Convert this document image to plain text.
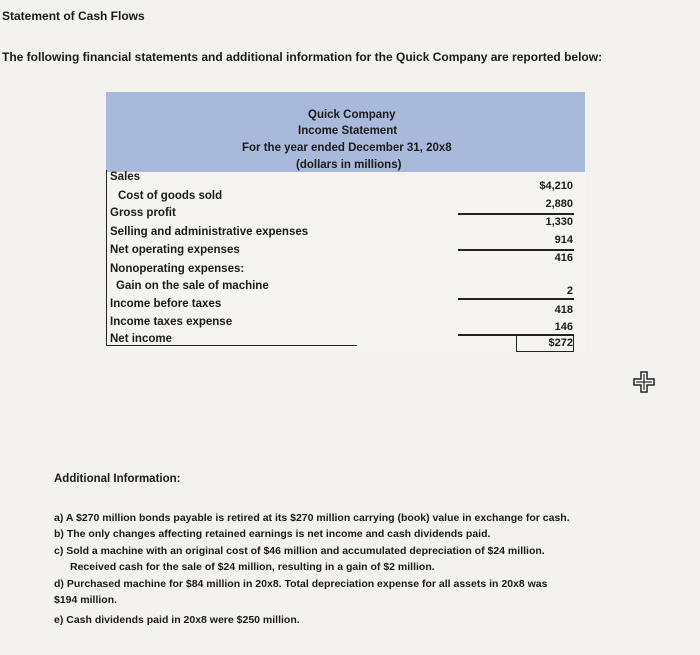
Statement of Cash Flows
The following financial statements and additional information for the Quick Company are reported below:
Quick Company
Income Statement
For the year ended December 31, 20x8
(dollars in millions)
Sales
Cost of goods sold
Gross profit
Selling and administrative expenses
Net operating expenses
Nonoperating expenses:
Gain on the sale of machine
Income before taxes
Income taxes expense
Net income
$4,210
2,880
1,330
914
416
2
418
146
$272
Additional Information:
a) A $270 million bonds payable is retired at its $270 million carrying (book) value in exchange for cash.
b) The only changes affecting retained earnings is net income and cash dividends paid.
c) Sold a machine with an original cost of $46 million and accumulated depreciation of $24 million.
Received cash for the sale of $24 million, resulting in a gain of $2 million.
d) Purchased machine for $84 million in 20x8. Total depreciation expense for all assets in 20x8 was
$194 million.
e) Cash dividends paid in 20x8 were $250 million.
